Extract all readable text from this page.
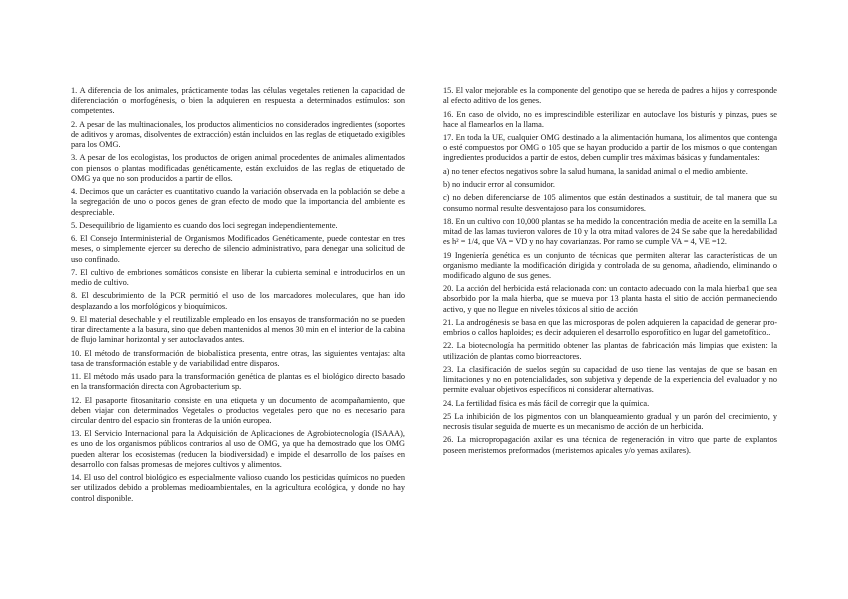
1. A diferencia de los animales, prácticamente todas las células vegetales retienen la capacidad de diferenciación o morfogénesis, o bien la adquieren en respuesta a determinados estímulos: son competentes.

2. A pesar de las multinacionales, los productos alimenticios no considerados ingredientes (soportes de aditivos y aromas, disolventes de extracción) están incluidos en las reglas de etiquetado exigibles para los OMG.

3. A pesar de los ecologistas, los productos de origen animal procedentes de animales alimentados con piensos o plantas modificadas genéticamente, están excluidos de las reglas de etiquetado de OMG ya que no son producidos a partir de ellos.

4. Decimos que un carácter es cuantitativo cuando la variación observada en la población se debe a la segregación de uno o pocos genes de gran efecto de modo que la importancia del ambiente es despreciable.

5. Desequilibrio de ligamiento es cuando dos loci segregan independientemente.

6. El Consejo Interministerial de Organismos Modificados Genéticamente, puede contestar en tres meses, o simplemente ejercer su derecho de silencio administrativo, para denegar una solicitud de uso confinado.

7. El cultivo de embriones somáticos consiste en liberar la cubierta seminal e introducirlos en un medio de cultivo.

8. El descubrimiento de la PCR permitió el uso de los marcadores moleculares, que han ido desplazando a los morfológicos y bioquímicos.

9. El material desechable y el reutilizable empleado en los ensayos de transformación no se pueden tirar directamente a la basura, sino que deben mantenidos al menos 30 min en el interior de la cabina de flujo laminar horizontal y ser autoclavados antes.

10. El método de transformación de biobalística presenta, entre otras, las siguientes ventajas: alta tasa de transformación estable y de variabilidad entre disparos.

11. El método más usado para la transformación genética de plantas es el biológico directo basado en la transformación directa con Agrobacterium sp.

12. El pasaporte fitosanitario consiste en una etiqueta y un documento de acompañamiento, que deben viajar con determinados Vegetales o productos vegetales pero que no es necesario para circular dentro del espacio sin fronteras de la unión europea.

13. El Servicio Internacional para la Adquisición de Aplicaciones de Agrobiotecnología (ISAAA), es uno de los organismos públicos contrarios al uso de OMG, ya que ha demostrado que los OMG pueden alterar los ecosistemas (reducen la biodiversidad) e impide el desarrollo de los países en desarrollo con falsas promesas de mejores cultivos y alimentos.

14. El uso del control biológico es especialmente valioso cuando los pesticidas químicos no pueden ser utilizados debido a problemas medioambientales, en la agricultura ecológica, y donde no hay control disponible.

15. El valor mejorable es la componente del genotipo que se hereda de padres a hijos y corresponde al efecto aditivo de los genes.

16. En caso de olvido, no es imprescindible esterilizar en autoclave los bisturís y pinzas, pues se hace al flamearlos en la llama.

17. En toda la UE, cualquier OMG destinado a la alimentación humana, los alimentos que contenga o esté compuestos por OMG o 105 que se hayan producido a partir de los mismos o que contengan ingredientes producidos a partir de estos, deben cumplir tres máximas básicas y fundamentales:

a) no tener efectos negativos sobre la salud humana, la sanidad animal o el medio ambiente.

b) no inducir error al consumidor.

c) no deben diferenciarse de 105 alimentos que están destinados a sustituir, de tal manera que su consumo normal resulte desventajoso para los consumidores.

18. En un cultivo con 10,000 plantas se ha medido la concentración media de aceite en la semilla La mitad de las lamas tuvieron valores de 10 y la otra mitad valores de 24 Se sabe que la heredabilidad es h² = 1/4, que VA = VD y no hay covarianzas. Por ramo se cumple VA = 4, VE =12.

19 Ingeniería genética es un conjunto de técnicas que permiten alterar las características de un organismo mediante la modificación dirigida y controlada de su genoma, añadiendo, eliminando o modificado alguno de sus genes.

20. La acción del herbicida está relacionada con: un contacto adecuado con la mala hierba1 que sea absorbido por la mala hierba, que se mueva por 13 planta hasta el sitio de acción permaneciendo activo, y que no llegue en niveles tóxicos al sitio de acción

21. La androgénesis se basa en que las microsporas de polen adquieren la capacidad de generar pro-embrios o callos haploides; es decir adquieren el desarrollo esporofítico en lugar del gametofítico..

22. La biotecnología ha permitido obtener las plantas de fabricación más limpias que existen: la utilización de plantas como biorreactores.

23. La clasificación de suelos según su capacidad de uso tiene las ventajas de que se basan en limitaciones y no en potencialidades, son subjetiva y depende de la experiencia del evaluador y no permite evaluar objetivos específicos ni considerar alternativas.

24. La fertilidad física es más fácil de corregir que la química.

25 La inhibición de los pigmentos con un blanqueamiento gradual y un parón del crecimiento, y necrosis tisular seguida de muerte es un mecanismo de acción de un herbicida.

26. La micropropagación axilar es una técnica de regeneración in vitro que parte de explantos poseen meristemos preformados (meristemos apicales y/o yemas axilares).
